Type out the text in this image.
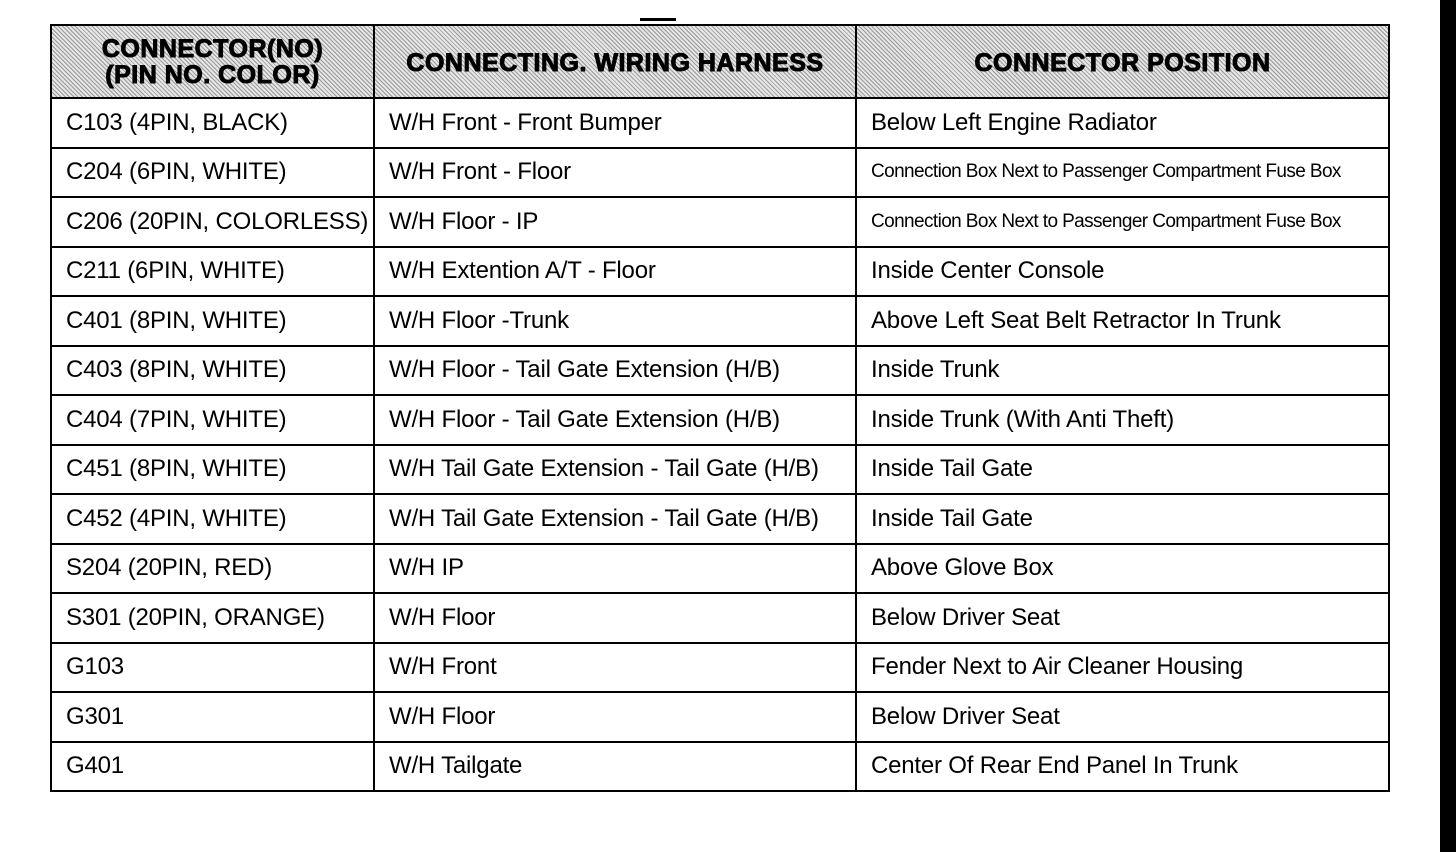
CONNECTOR(NO)
(PIN NO. COLOR)	CONNECTING. WIRING HARNESS	CONNECTOR POSITION
C103 (4PIN, BLACK)	W/H Front - Front Bumper	Below Left Engine Radiator
C204 (6PIN, WHITE)	W/H Front - Floor	Connection Box Next to Passenger Compartment Fuse Box
C206 (20PIN, COLORLESS)	W/H Floor - IP	Connection Box Next to Passenger Compartment Fuse Box
C211 (6PIN, WHITE)	W/H Extention A/T - Floor	Inside Center Console
C401 (8PIN, WHITE)	W/H Floor -Trunk	Above Left Seat Belt Retractor In Trunk
C403 (8PIN, WHITE)	W/H Floor - Tail Gate Extension (H/B)	Inside Trunk
C404 (7PIN, WHITE)	W/H Floor - Tail Gate Extension (H/B)	Inside Trunk (With Anti Theft)
C451 (8PIN, WHITE)	W/H Tail Gate Extension - Tail Gate (H/B)	Inside Tail Gate
C452 (4PIN, WHITE)	W/H Tail Gate Extension - Tail Gate (H/B)	Inside Tail Gate
S204 (20PIN, RED)	W/H IP	Above Glove Box
S301 (20PIN, ORANGE)	W/H Floor	Below Driver Seat
G103	W/H Front	Fender Next to Air Cleaner Housing
G301	W/H Floor	Below Driver Seat
G401	W/H Tailgate	Center Of Rear End Panel In Trunk
